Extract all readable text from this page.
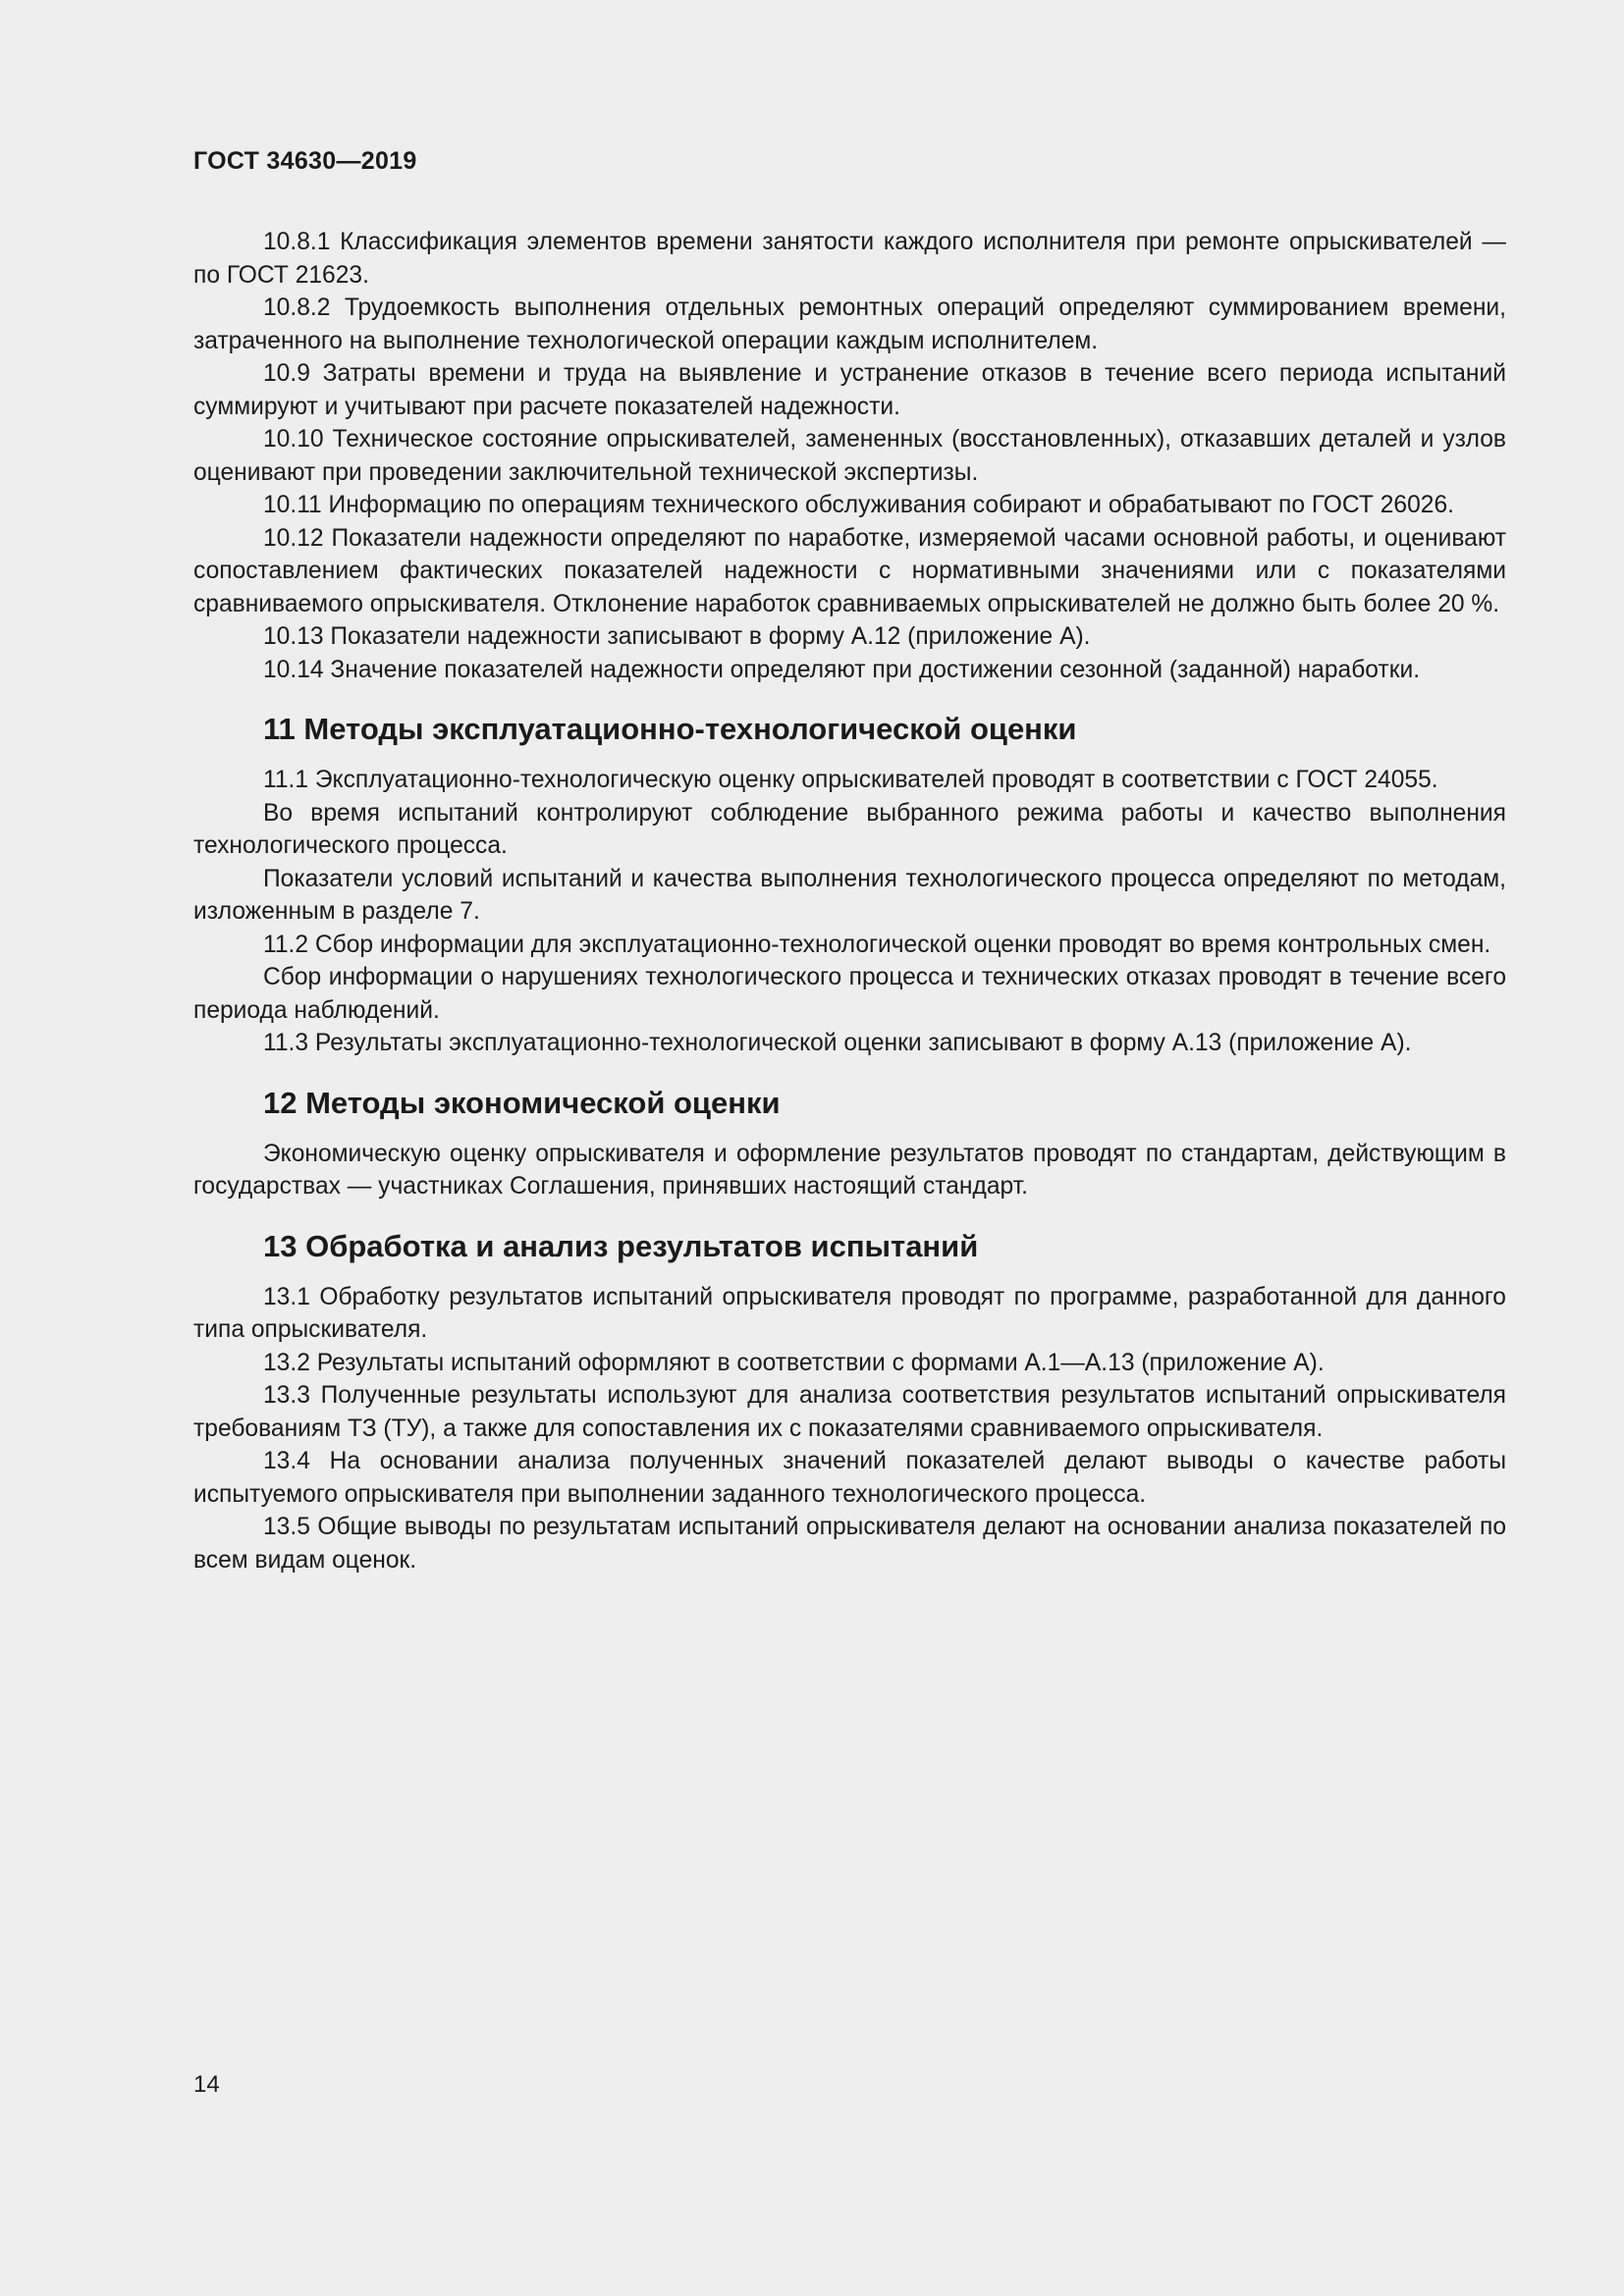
ГОСТ 34630—2019

10.8.1 Классификация элементов времени занятости каждого исполнителя при ремонте опрыскивателей — по ГОСТ 21623.

10.8.2 Трудоемкость выполнения отдельных ремонтных операций определяют суммированием времени, затраченного на выполнение технологической операции каждым исполнителем.

10.9 Затраты времени и труда на выявление и устранение отказов в течение всего периода испытаний суммируют и учитывают при расчете показателей надежности.

10.10 Техническое состояние опрыскивателей, замененных (восстановленных), отказавших деталей и узлов оценивают при проведении заключительной технической экспертизы.

10.11 Информацию по операциям технического обслуживания собирают и обрабатывают по ГОСТ 26026.

10.12 Показатели надежности определяют по наработке, измеряемой часами основной работы, и оценивают сопоставлением фактических показателей надежности с нормативными значениями или с показателями сравниваемого опрыскивателя. Отклонение наработок сравниваемых опрыскивателей не должно быть более 20 %.

10.13 Показатели надежности записывают в форму А.12 (приложение А).

10.14 Значение показателей надежности определяют при достижении сезонной (заданной) наработки.

11 Методы эксплуатационно-технологической оценки

11.1 Эксплуатационно-технологическую оценку опрыскивателей проводят в соответствии с ГОСТ 24055.

Во время испытаний контролируют соблюдение выбранного режима работы и качество выполнения технологического процесса.

Показатели условий испытаний и качества выполнения технологического процесса определяют по методам, изложенным в разделе 7.

11.2 Сбор информации для эксплуатационно-технологической оценки проводят во время контрольных смен.

Сбор информации о нарушениях технологического процесса и технических отказах проводят в течение всего периода наблюдений.

11.3 Результаты эксплуатационно-технологической оценки записывают в форму А.13 (приложение А).

12 Методы экономической оценки

Экономическую оценку опрыскивателя и оформление результатов проводят по стандартам, действующим в государствах — участниках Соглашения, принявших настоящий стандарт.

13 Обработка и анализ результатов испытаний

13.1 Обработку результатов испытаний опрыскивателя проводят по программе, разработанной для данного типа опрыскивателя.

13.2 Результаты испытаний оформляют в соответствии с формами А.1—А.13 (приложение А).

13.3 Полученные результаты используют для анализа соответствия результатов испытаний опрыскивателя требованиям ТЗ (ТУ), а также для сопоставления их с показателями сравниваемого опрыскивателя.

13.4 На основании анализа полученных значений показателей делают выводы о качестве работы испытуемого опрыскивателя при выполнении заданного технологического процесса.

13.5 Общие выводы по результатам испытаний опрыскивателя делают на основании анализа показателей по всем видам оценок.

14
